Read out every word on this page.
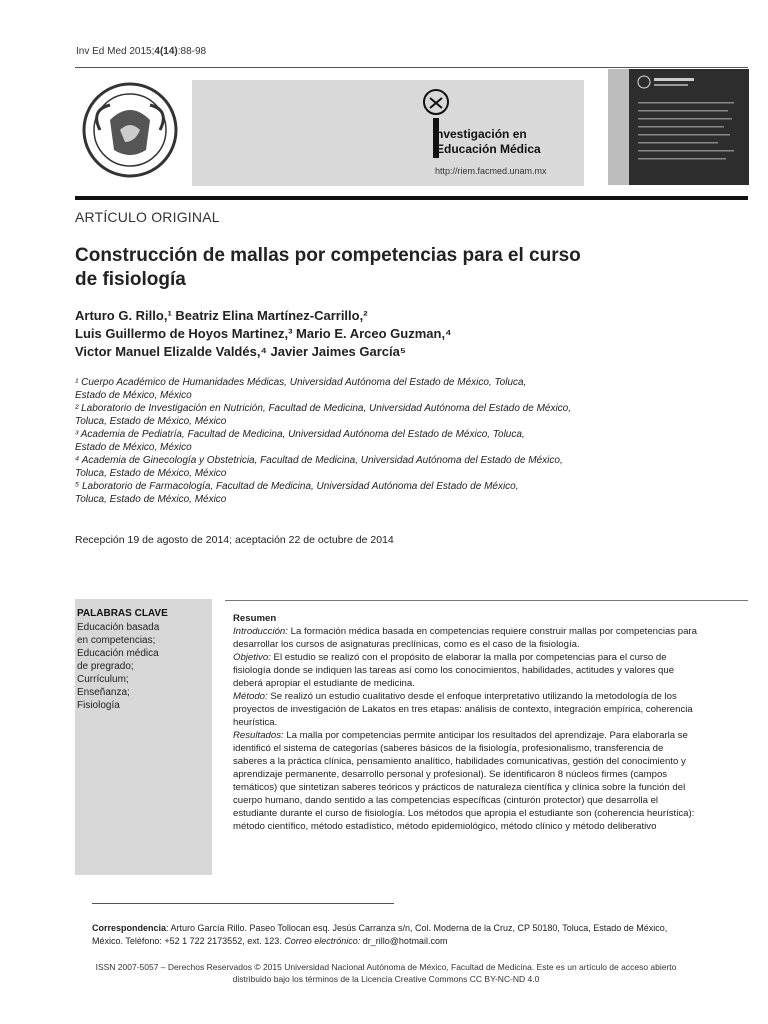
Inv Ed Med 2015;4(14):88-98
nvestigación en
Educación Médica
http://riem.facmed.unam.mx
ARTÍCULO ORIGINAL
Construcción de mallas por competencias para el curso
de fisiología
Arturo G. Rillo,¹ Beatriz Elina Martínez-Carrillo,²
Luis Guillermo de Hoyos Martinez,³ Mario E. Arceo Guzman,⁴
Victor Manuel Elizalde Valdés,⁴ Javier Jaimes García⁵
¹ Cuerpo Académico de Humanidades Médicas, Universidad Autónoma del Estado de México, Toluca,
Estado de México, México
² Laboratorio de Investigación en Nutrición, Facultad de Medicina, Universidad Autónoma del Estado de México,
Toluca, Estado de México, México
³ Academia de Pediatría, Facultad de Medicina, Universidad Autónoma del Estado de México, Toluca,
Estado de México, México
⁴ Academia de Ginecología y Obstetricia, Facultad de Medicina, Universidad Autónoma del Estado de México,
Toluca, Estado de México, México
⁵ Laboratorio de Farmacología, Facultad de Medicina, Universidad Autónoma del Estado de México,
Toluca, Estado de México, México
Recepción 19 de agosto de 2014; aceptación 22 de octubre de 2014
PALABRAS CLAVE
Educación basada
en competencias;
Educación médica
de pregrado;
Currículum;
Enseñanza;
Fisiología
Resumen
Introducción: La formación médica basada en competencias requiere construir mallas por competencias para desarrollar los cursos de asignaturas preclínicas, como es el caso de la fisiología.
Objetivo: El estudio se realizó con el propósito de elaborar la malla por competencias para el curso de fisiología donde se indiquen las tareas así como los conocimientos, habilidades, actitudes y valores que deberá apropiar el estudiante de medicina.
Método: Se realizó un estudio cualitativo desde el enfoque interpretativo utilizando la metodología de los proyectos de investigación de Lakatos en tres etapas: análisis de contexto, integración empírica, coherencia heurística.
Resultados: La malla por competencias permite anticipar los resultados del aprendizaje. Para elaborarla se identificó el sistema de categorías (saberes básicos de la fisiología, profesionalismo, transferencia de saberes a la práctica clínica, pensamiento analítico, habilidades comunicativas, gestión del conocimiento y aprendizaje permanente, desarrollo personal y profesional). Se identificaron 8 núcleos firmes (campos temáticos) que sintetizan saberes teóricos y prácticos de naturaleza científica y clínica sobre la función del cuerpo humano, dando sentido a las competencias específicas (cinturón protector) que desarrolla el estudiante durante el curso de fisiología. Los métodos que apropia el estudiante son (coherencia heurística): método científico, método estadístico, método epidemiológico, método clínico y método deliberativo
Correspondencia: Arturo García Rillo. Paseo Tollocan esq. Jesús Carranza s/n, Col. Moderna de la Cruz, CP 50180, Toluca, Estado de México, México. Teléfono: +52 1 722 2173552, ext. 123. Correo electrónico: dr_rillo@hotmail.com
ISSN 2007-5057 – Derechos Reservados © 2015 Universidad Nacional Autónoma de México, Facultad de Medicina. Este es un artículo de acceso abierto
distribuido bajo los términos de la Licencia Creative Commons CC BY-NC-ND 4.0
